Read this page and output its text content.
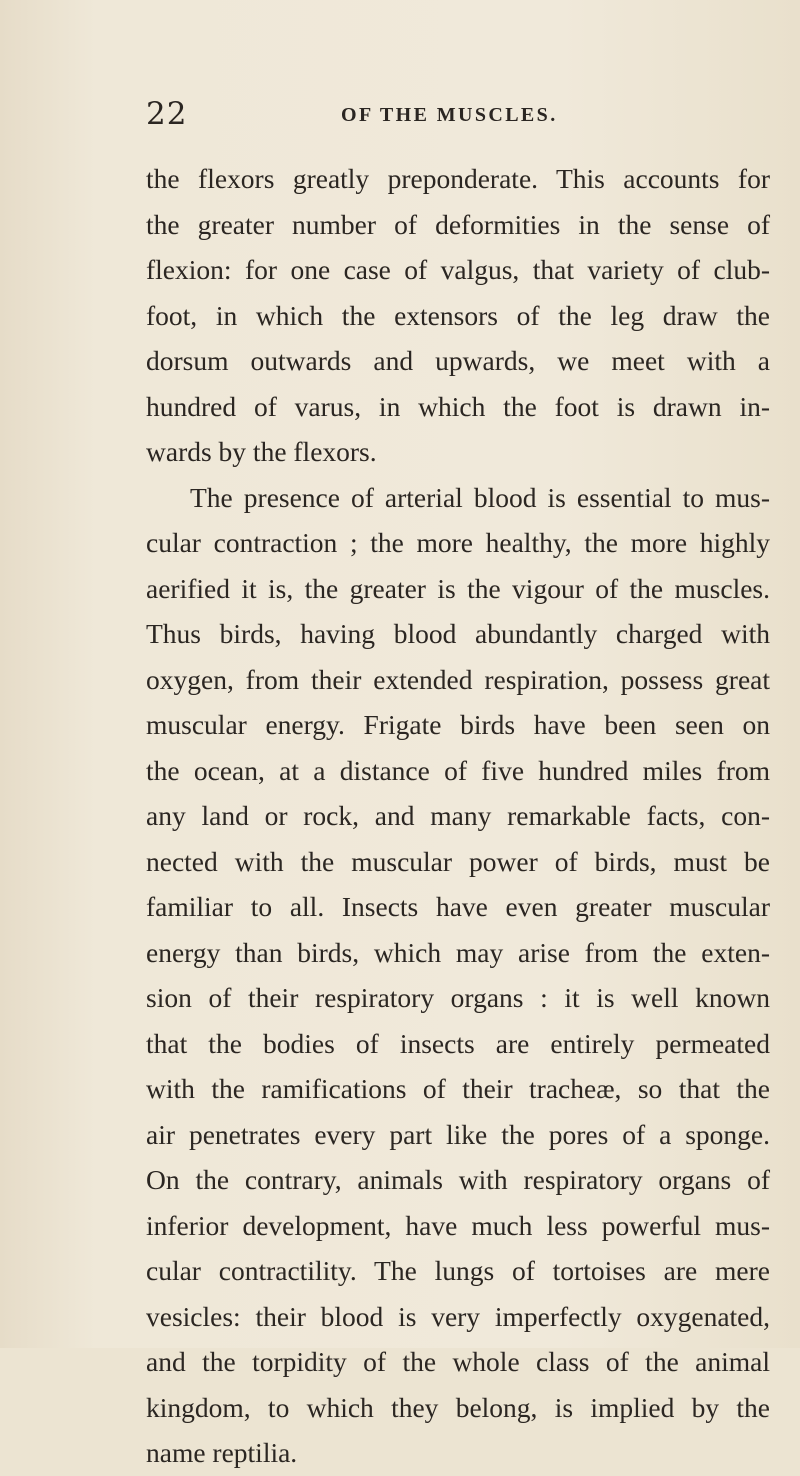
22	OF THE MUSCLES.
the flexors greatly preponderate. This accounts for
the greater number of deformities in the sense of
flexion: for one case of valgus, that variety of club-
foot, in which the extensors of the leg draw the
dorsum outwards and upwards, we meet with a
hundred of varus, in which the foot is drawn in-
wards by the flexors.
The presence of arterial blood is essential to mus-
cular contraction ; the more healthy, the more highly
aerified it is, the greater is the vigour of the muscles.
Thus birds, having blood abundantly charged with
oxygen, from their extended respiration, possess great
muscular energy. Frigate birds have been seen on
the ocean, at a distance of five hundred miles from
any land or rock, and many remarkable facts, con-
nected with the muscular power of birds, must be
familiar to all. Insects have even greater muscular
energy than birds, which may arise from the exten-
sion of their respiratory organs : it is well known
that the bodies of insects are entirely permeated
with the ramifications of their tracheæ, so that the
air penetrates every part like the pores of a sponge.
On the contrary, animals with respiratory organs of
inferior development, have much less powerful mus-
cular contractility. The lungs of tortoises are mere
vesicles: their blood is very imperfectly oxygenated,
and the torpidity of the whole class of the animal
kingdom, to which they belong, is implied by the
name reptilia.
